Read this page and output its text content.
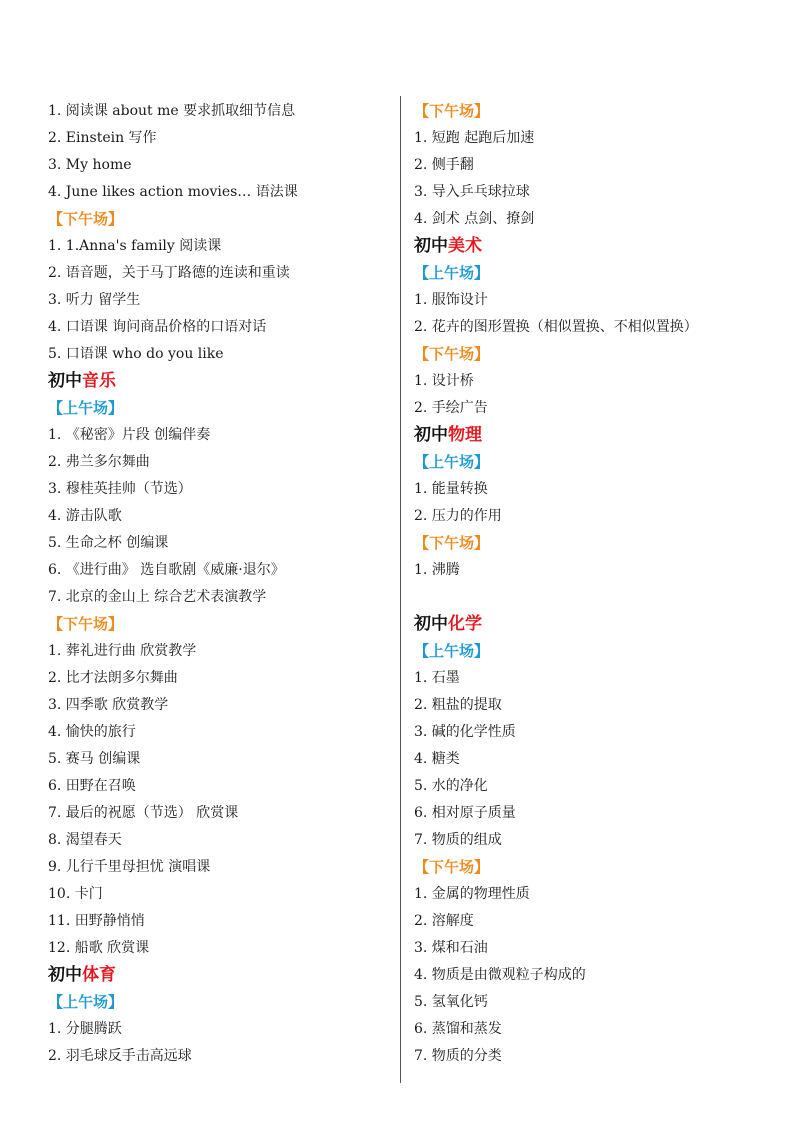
1. 阅读课 about me 要求抓取细节信息
2. Einstein 写作
3. My home
4. June likes action movies… 语法课
【下午场】
1. 1.Anna's family 阅读课
2. 语音题，关于马丁路德的连读和重读
3. 听力 留学生
4. 口语课 询问商品价格的口语对话
5. 口语课 who do you like
初中音乐
【上午场】
1. 《秘密》片段 创编伴奏
2. 弗兰多尔舞曲
3. 穆桂英挂帅（节选）
4. 游击队歌
5. 生命之杯 创编课
6. 《进行曲》 选自歌剧《威廉·退尔》
7. 北京的金山上 综合艺术表演教学
【下午场】
1. 葬礼进行曲 欣赏教学
2. 比才法朗多尔舞曲
3. 四季歌 欣赏教学
4. 愉快的旅行
5. 赛马 创编课
6. 田野在召唤
7. 最后的祝愿（节选） 欣赏课
8. 渴望春天
9. 儿行千里母担忧 演唱课
10. 卡门
11. 田野静悄悄
12. 船歌 欣赏课
初中体育
【上午场】
1. 分腿腾跃
2. 羽毛球反手击高远球
【下午场】
1. 短跑 起跑后加速
2. 侧手翻
3. 导入乒乓球拉球
4. 剑术 点剑、撩剑
初中美术
【上午场】
1. 服饰设计
2. 花卉的图形置换（相似置换、不相似置换）
【下午场】
1. 设计桥
2. 手绘广告
初中物理
【上午场】
1. 能量转换
2. 压力的作用
【下午场】
1. 沸腾
初中化学
【上午场】
1. 石墨
2. 粗盐的提取
3. 碱的化学性质
4. 糖类
5. 水的净化
6. 相对原子质量
7. 物质的组成
【下午场】
1. 金属的物理性质
2. 溶解度
3. 煤和石油
4. 物质是由微观粒子构成的
5. 氢氧化钙
6. 蒸馏和蒸发
7. 物质的分类
